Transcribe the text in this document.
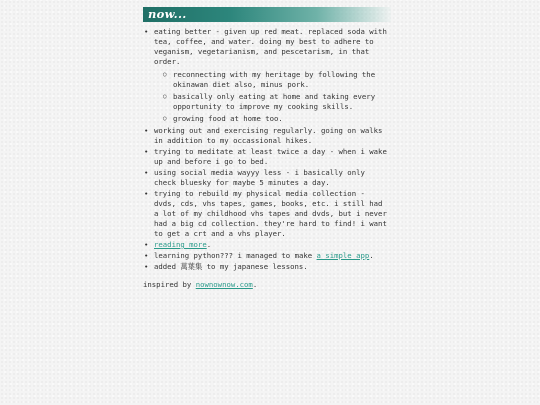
now...
• eating better - given up red meat. replaced soda with tea, coffee, and water. doing my best to adhere to veganism, vegetarianism, and pescetarism, in that order.
○ reconnecting with my heritage by following the okinawan diet also, minus pork.
○ basically only eating at home and taking every opportunity to improve my cooking skills.
○ growing food at home too.
• working out and exercising regularly. going on walks in addition to my occassional hikes.
• trying to meditate at least twice a day - when i wake up and before i go to bed.
• using social media wayyy less - i basically only check bluesky for maybe 5 minutes a day.
• trying to rebuild my physical media collection - dvds, cds, vhs tapes, games, books, etc. i still had a lot of my childhood vhs tapes and dvds, but i never had a big cd collection. they're hard to find! i want to get a crt and a vhs player.
• reading more.
• learning python??? i managed to make a simple app.
• added 萬葉集 to my japanese lessons.
inspired by nownownow.com.
